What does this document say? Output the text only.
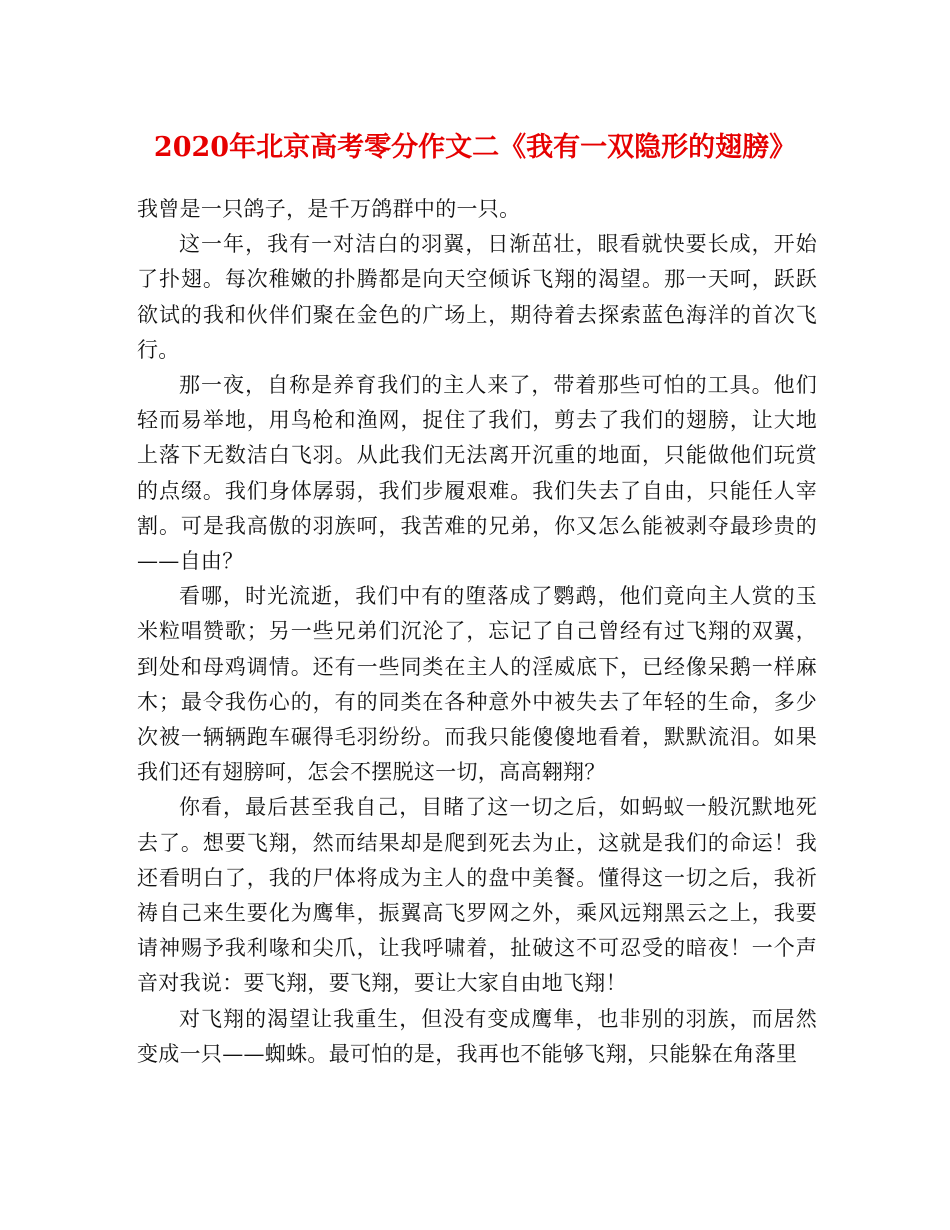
2020年北京高考零分作文二《我有一双隐形的翅膀》

我曾是一只鸽子，是千万鸽群中的一只。

这一年，我有一对洁白的羽翼，日渐茁壮，眼看就快要长成，开始了扑翅。每次稚嫩的扑腾都是向天空倾诉飞翔的渴望。那一天呵，跃跃欲试的我和伙伴们聚在金色的广场上，期待着去探索蓝色海洋的首次飞行。

那一夜，自称是养育我们的主人来了，带着那些可怕的工具。他们轻而易举地，用鸟枪和渔网，捉住了我们，剪去了我们的翅膀，让大地上落下无数洁白飞羽。从此我们无法离开沉重的地面，只能做他们玩赏的点缀。我们身体孱弱，我们步履艰难。我们失去了自由，只能任人宰割。可是我高傲的羽族呵，我苦难的兄弟，你又怎么能被剥夺最珍贵的——自由？

看哪，时光流逝，我们中有的堕落成了鹦鹉，他们竟向主人赏的玉米粒唱赞歌；另一些兄弟们沉沦了，忘记了自己曾经有过飞翔的双翼，到处和母鸡调情。还有一些同类在主人的淫威底下，已经像呆鹅一样麻木；最令我伤心的，有的同类在各种意外中被失去了年轻的生命，多少次被一辆辆跑车碾得毛羽纷纷。而我只能傻傻地看着，默默流泪。如果我们还有翅膀呵，怎会不摆脱这一切，高高翱翔？

你看，最后甚至我自己，目睹了这一切之后，如蚂蚁一般沉默地死去了。想要飞翔，然而结果却是爬到死去为止，这就是我们的命运！我还看明白了，我的尸体将成为主人的盘中美餐。懂得这一切之后，我祈祷自己来生要化为鹰隼，振翼高飞罗网之外，乘风远翔黑云之上，我要请神赐予我利喙和尖爪，让我呼啸着，扯破这不可忍受的暗夜！一个声音对我说：要飞翔，要飞翔，要让大家自由地飞翔！

对飞翔的渴望让我重生，但没有变成鹰隼，也非别的羽族，而居然变成一只——蜘蛛。最可怕的是，我再也不能够飞翔，只能躲在角落里
